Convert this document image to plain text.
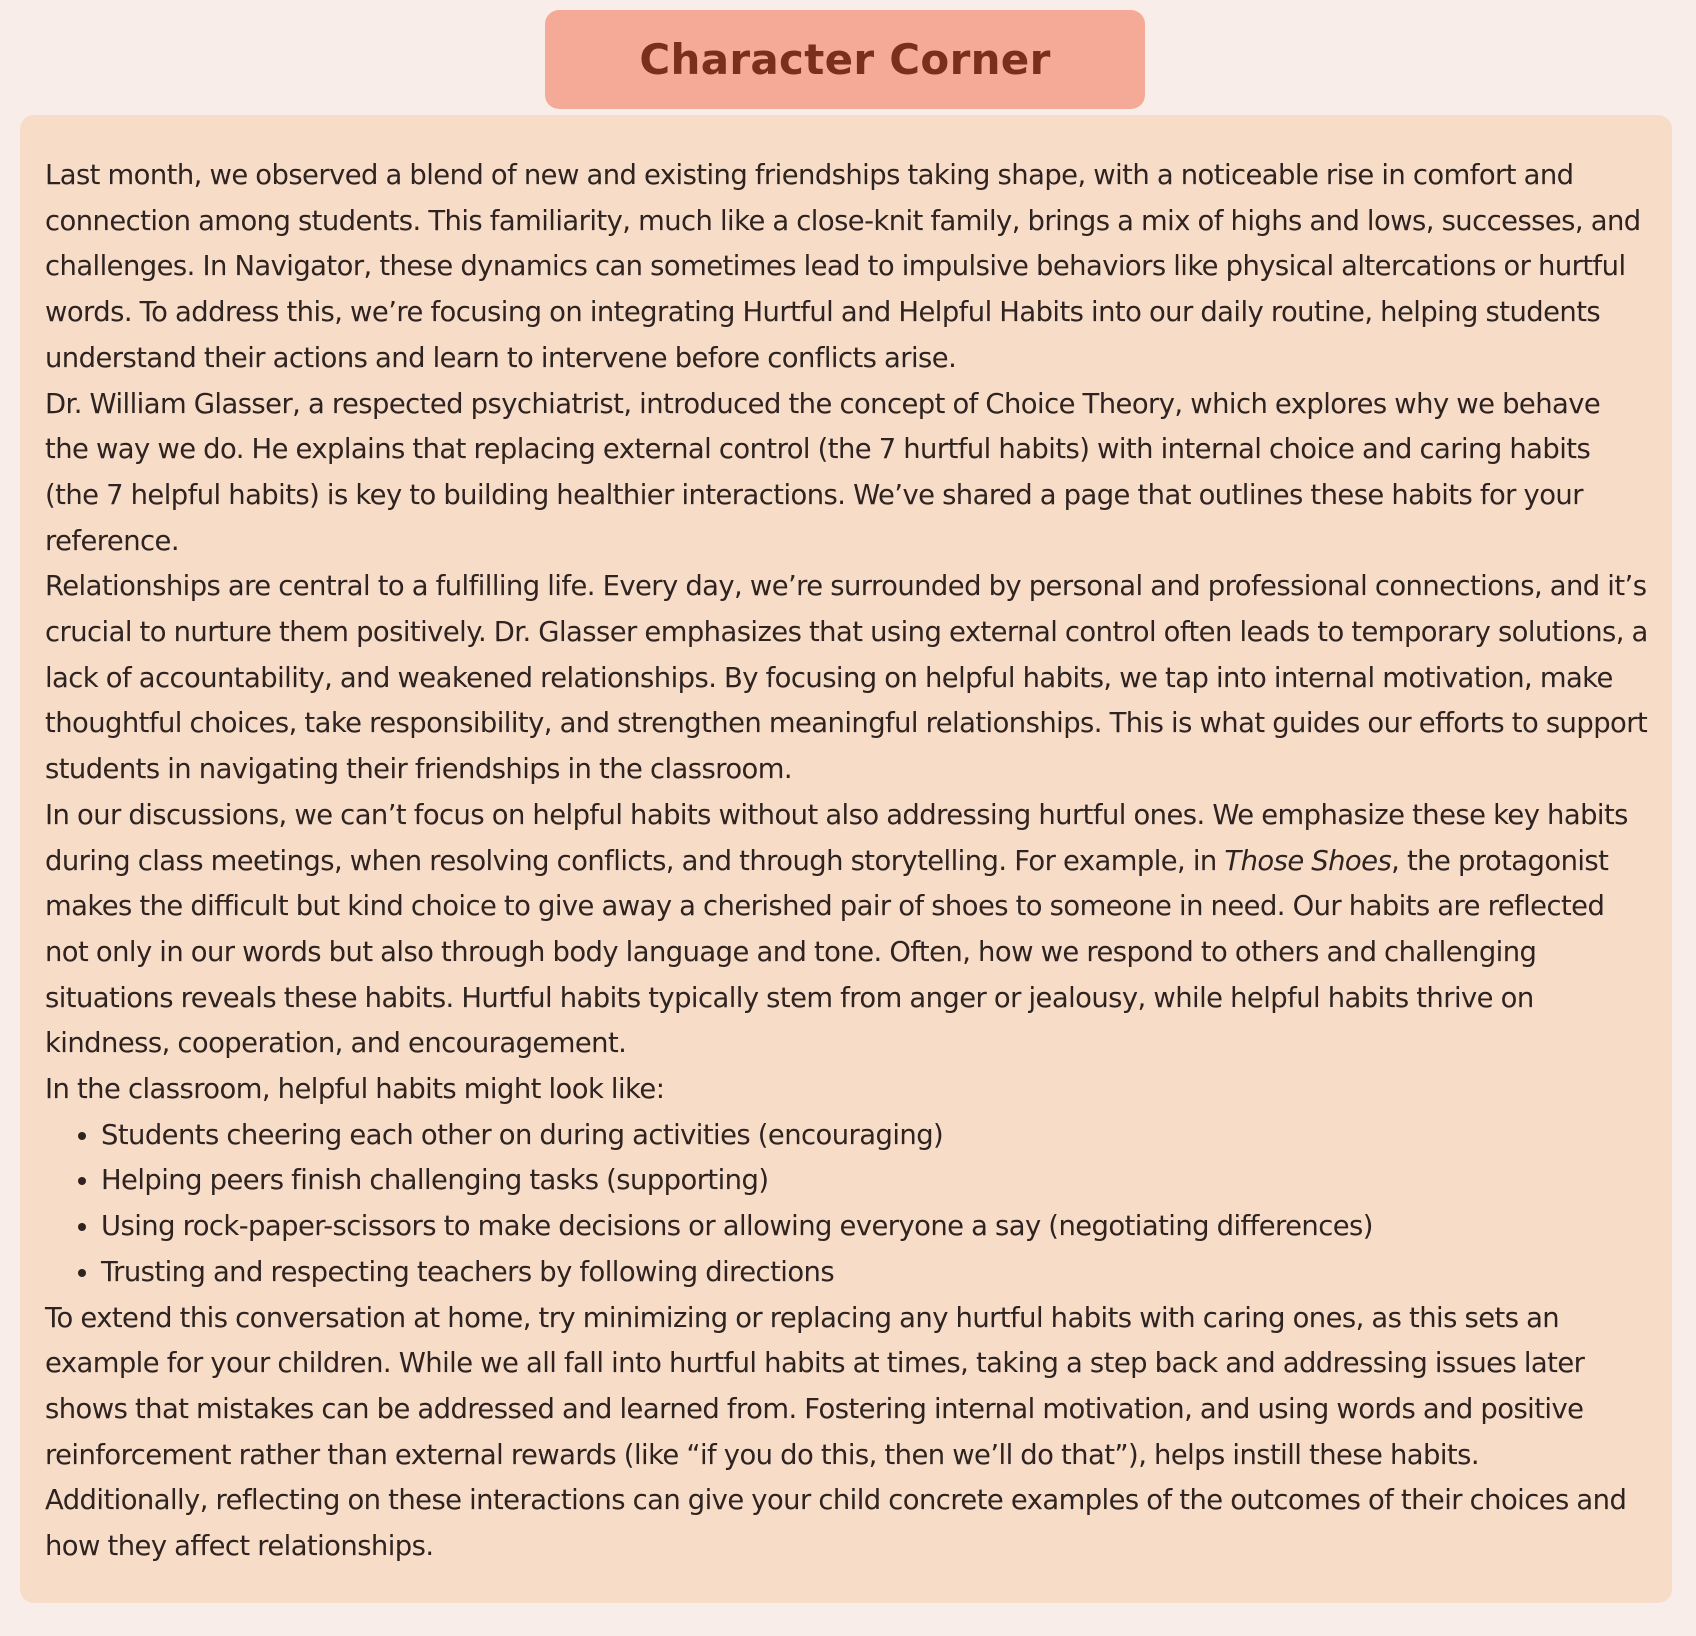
Character Corner

Last month, we observed a blend of new and existing friendships taking shape, with a noticeable rise in comfort and connection among students. This familiarity, much like a close-knit family, brings a mix of highs and lows, successes, and challenges. In Navigator, these dynamics can sometimes lead to impulsive behaviors like physical altercations or hurtful words. To address this, we’re focusing on integrating Hurtful and Helpful Habits into our daily routine, helping students understand their actions and learn to intervene before conflicts arise.

Dr. William Glasser, a respected psychiatrist, introduced the concept of Choice Theory, which explores why we behave the way we do. He explains that replacing external control (the 7 hurtful habits) with internal choice and caring habits (the 7 helpful habits) is key to building healthier interactions. We’ve shared a page that outlines these habits for your reference.

Relationships are central to a fulfilling life. Every day, we’re surrounded by personal and professional connections, and it’s crucial to nurture them positively. Dr. Glasser emphasizes that using external control often leads to temporary solutions, a lack of accountability, and weakened relationships. By focusing on helpful habits, we tap into internal motivation, make thoughtful choices, take responsibility, and strengthen meaningful relationships. This is what guides our efforts to support students in navigating their friendships in the classroom.

In our discussions, we can’t focus on helpful habits without also addressing hurtful ones. We emphasize these key habits during class meetings, when resolving conflicts, and through storytelling. For example, in Those Shoes, the protagonist makes the difficult but kind choice to give away a cherished pair of shoes to someone in need. Our habits are reflected not only in our words but also through body language and tone. Often, how we respond to others and challenging situations reveals these habits. Hurtful habits typically stem from anger or jealousy, while helpful habits thrive on kindness, cooperation, and encouragement.

In the classroom, helpful habits might look like:

• Students cheering each other on during activities (encouraging)
• Helping peers finish challenging tasks (supporting)
• Using rock-paper-scissors to make decisions or allowing everyone a say (negotiating differences)
• Trusting and respecting teachers by following directions

To extend this conversation at home, try minimizing or replacing any hurtful habits with caring ones, as this sets an example for your children. While we all fall into hurtful habits at times, taking a step back and addressing issues later shows that mistakes can be addressed and learned from. Fostering internal motivation, and using words and positive reinforcement rather than external rewards (like “if you do this, then we’ll do that”), helps instill these habits. Additionally, reflecting on these interactions can give your child concrete examples of the outcomes of their choices and how they affect relationships.
